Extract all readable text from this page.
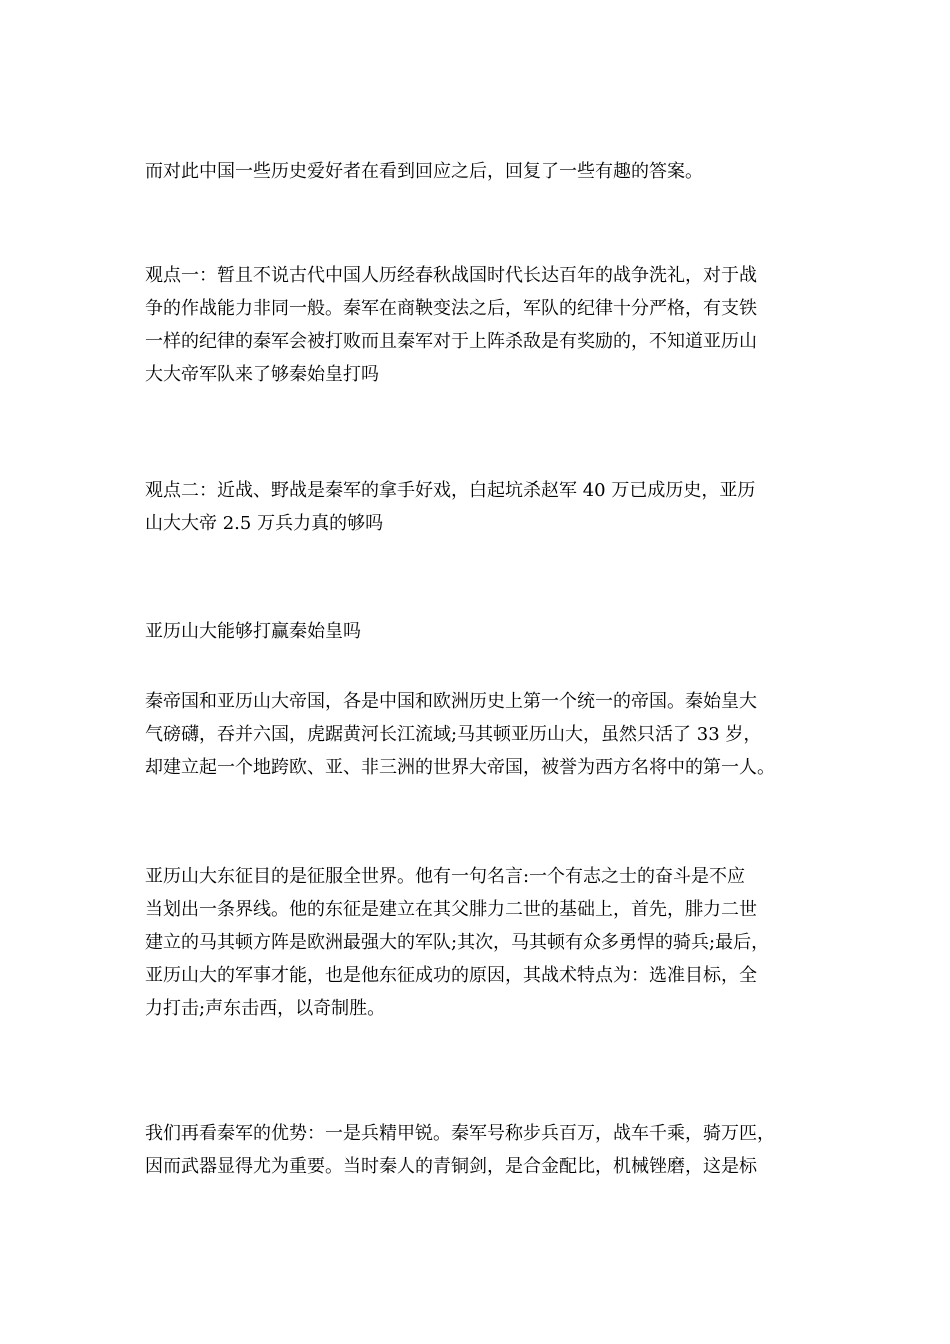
而对此中国一些历史爱好者在看到回应之后，回复了一些有趣的答案。

观点一：暂且不说古代中国人历经春秋战国时代长达百年的战争洗礼，对于战
争的作战能力非同一般。秦军在商鞅变法之后，军队的纪律十分严格，有支铁
一样的纪律的秦军会被打败而且秦军对于上阵杀敌是有奖励的，不知道亚历山
大大帝军队来了够秦始皇打吗

观点二：近战、野战是秦军的拿手好戏，白起坑杀赵军 40 万已成历史，亚历
山大大帝 2.5 万兵力真的够吗

亚历山大能够打赢秦始皇吗

秦帝国和亚历山大帝国，各是中国和欧洲历史上第一个统一的帝国。秦始皇大
气磅礴，吞并六国，虎踞黄河长江流域;马其顿亚历山大，虽然只活了 33 岁，
却建立起一个地跨欧、亚、非三洲的世界大帝国，被誉为西方名将中的第一人。

亚历山大东征目的是征服全世界。他有一句名言:一个有志之士的奋斗是不应
当划出一条界线。他的东征是建立在其父腓力二世的基础上，首先，腓力二世
建立的马其顿方阵是欧洲最强大的军队;其次，马其顿有众多勇悍的骑兵;最后，
亚历山大的军事才能，也是他东征成功的原因，其战术特点为：选准目标，全
力打击;声东击西，以奇制胜。

我们再看秦军的优势：一是兵精甲锐。秦军号称步兵百万，战车千乘，骑万匹，
因而武器显得尤为重要。当时秦人的青铜剑，是合金配比，机械锉磨，这是标
